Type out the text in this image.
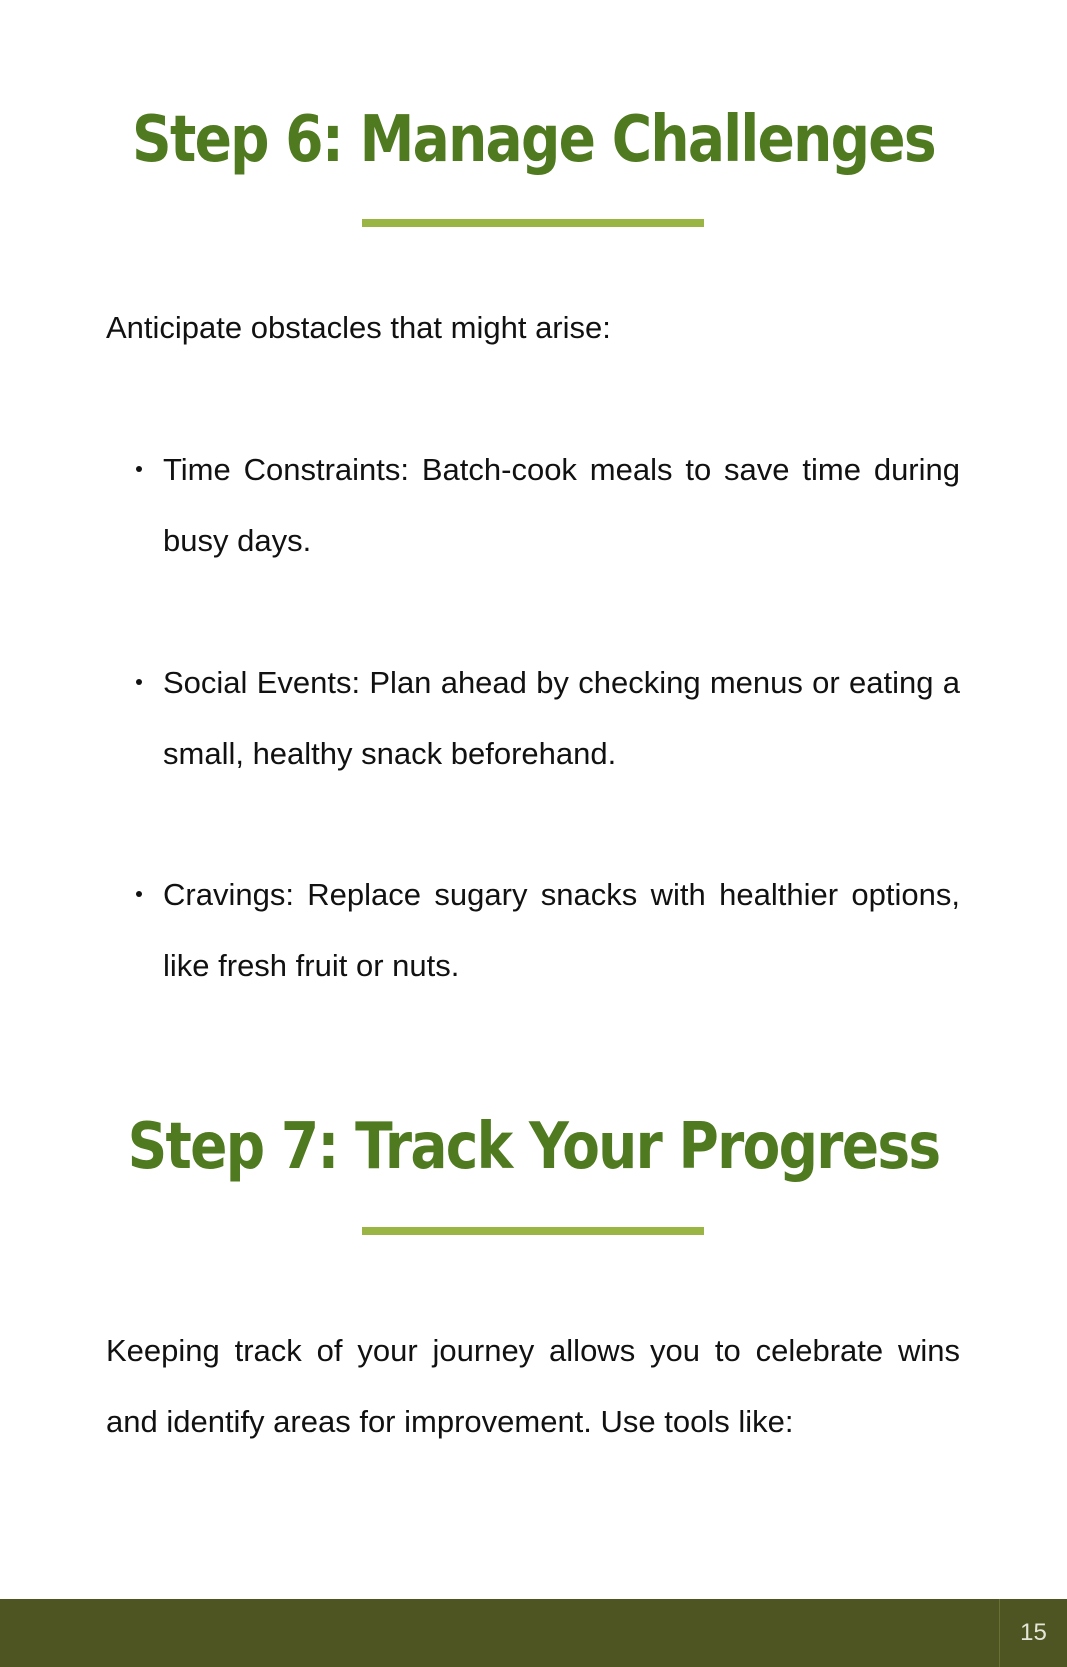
Step 6: Manage Challenges

Anticipate obstacles that might arise:

Time Constraints: Batch-cook meals to save time during busy days.
Social Events: Plan ahead by checking menus or eating a small, healthy snack beforehand.
Cravings: Replace sugary snacks with healthier options, like fresh fruit or nuts.
Step 7: Track Your Progress

Keeping track of your journey allows you to celebrate wins and identify areas for improvement. Use tools like:

15
